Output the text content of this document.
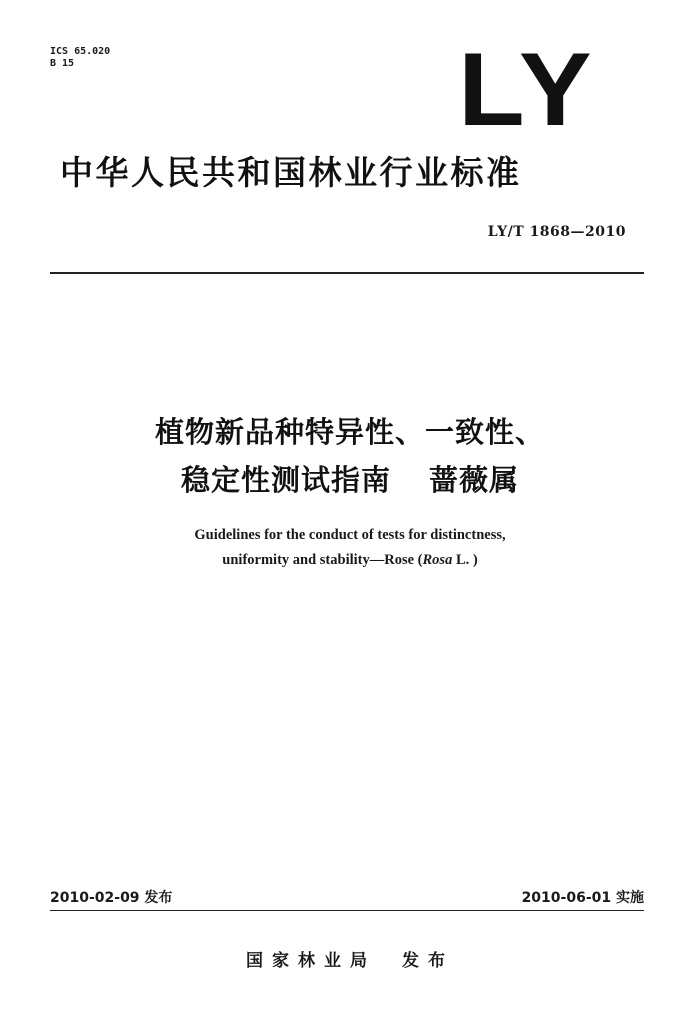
ICS 65.020
B 15	LY
中华人民共和国林业行业标准
LY/T 1868—2010
植物新品种特异性、一致性、
稳定性测试指南 蔷薇属
Guidelines for the conduct of tests for distinctness,
uniformity and stability—Rose (Rosa L. )
2010-02-09 发布	2010-06-01 实施
国家林业局 发布
